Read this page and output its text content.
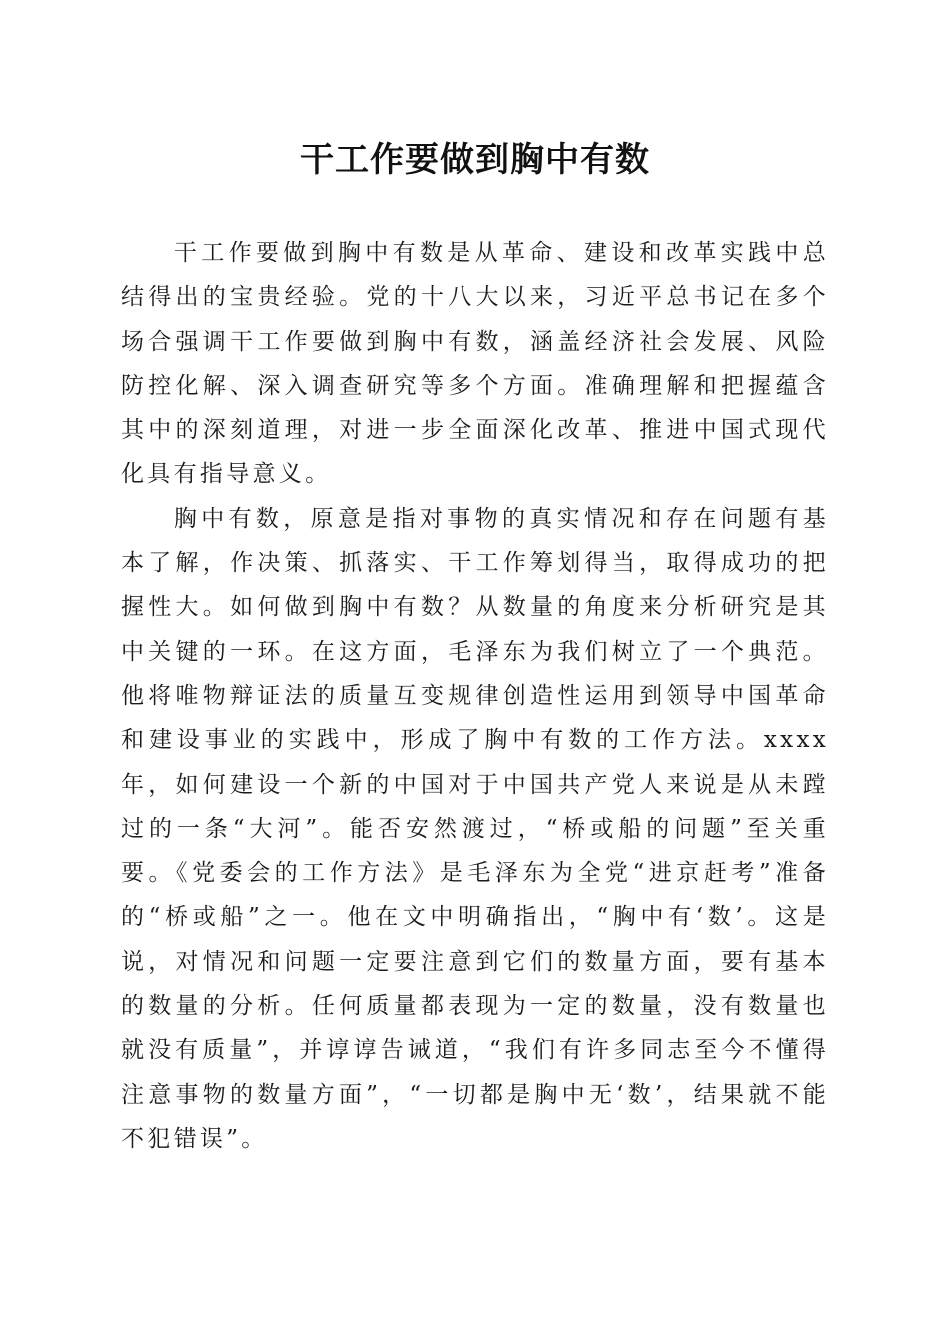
干工作要做到胸中有数

干工作要做到胸中有数是从革命、建设和改革实践中总结得出的宝贵经验。党的十八大以来，习近平总书记在多个场合强调干工作要做到胸中有数，涵盖经济社会发展、风险防控化解、深入调查研究等多个方面。准确理解和把握蕴含其中的深刻道理，对进一步全面深化改革、推进中国式现代化具有指导意义。

胸中有数，原意是指对事物的真实情况和存在问题有基本了解，作决策、抓落实、干工作筹划得当，取得成功的把握性大。如何做到胸中有数？从数量的角度来分析研究是其中关键的一环。在这方面，毛泽东为我们树立了一个典范。他将唯物辩证法的质量互变规律创造性运用到领导中国革命和建设事业的实践中，形成了胸中有数的工作方法。xxxx年，如何建设一个新的中国对于中国共产党人来说是从未蹚过的一条“大河”。能否安然渡过，“桥或船的问题”至关重要。《党委会的工作方法》是毛泽东为全党“进京赶考”准备的“桥或船”之一。他在文中明确指出，“胸中有‘数’。这是说，对情况和问题一定要注意到它们的数量方面，要有基本的数量的分析。任何质量都表现为一定的数量，没有数量也就没有质量”，并谆谆告诫道，“我们有许多同志至今不懂得注意事物的数量方面”，“一切都是胸中无‘数’，结果就不能不犯错误”。
